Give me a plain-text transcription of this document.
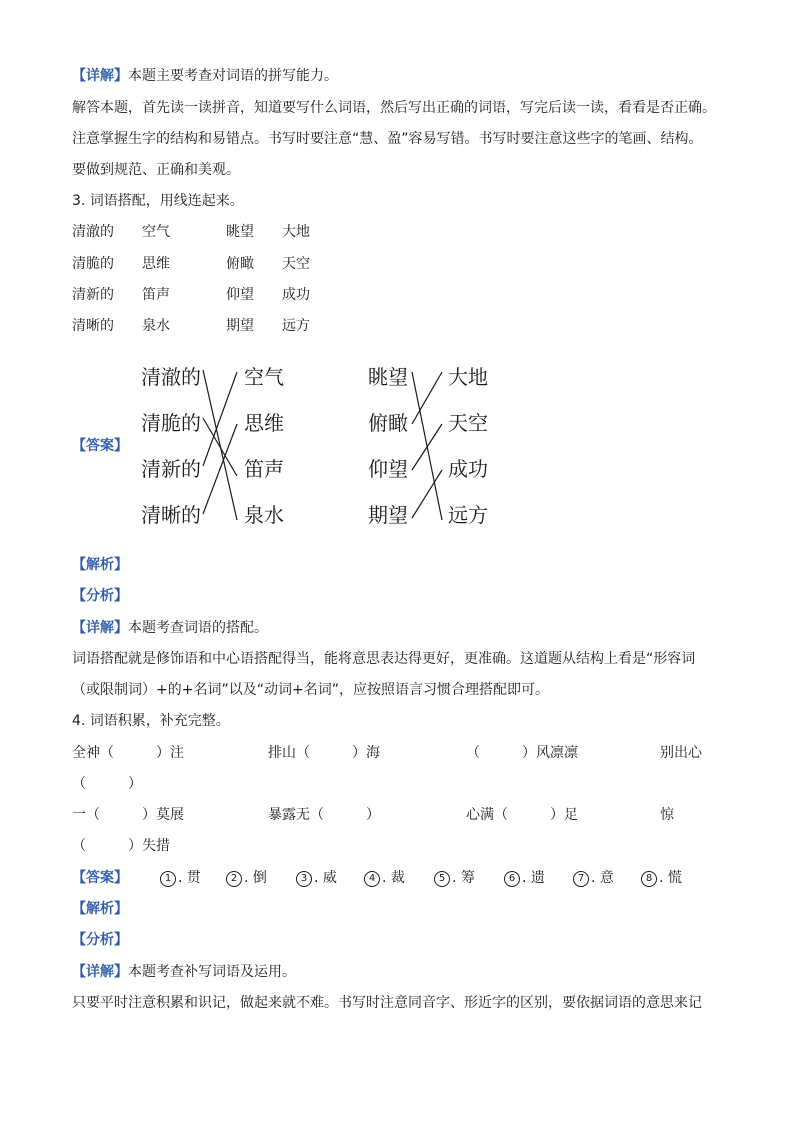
【详解】本题主要考查对词语的拼写能力。
解答本题，首先读一读拼音，知道要写什么词语，然后写出正确的词语，写完后读一读，看看是否正确。
注意掌握生字的结构和易错点。书写时要注意“慧、盈”容易写错。书写时要注意这些字的笔画、结构。
要做到规范、正确和美观。
3. 词语搭配，用线连起来。
清澈的 空气	眺望 大地
清脆的 思维	俯瞰 天空
清新的 笛声	仰望 成功
清晰的 泉水	期望 远方
【答案】
清澈的
清脆的
清新的
清晰的
空气
思维
笛声
泉水
眺望
俯瞰
仰望
期望
大地
天空
成功
远方
【解析】
【分析】
【详解】本题考查词语的搭配。
词语搭配就是修饰语和中心语搭配得当，能将意思表达得更好，更准确。这道题从结构上看是“形容词
（或限制词）+的+名词”以及“动词+名词”，应按照语言习惯合理搭配即可。
4. 词语积累，补充完整。
全神（　　　）注	排山（　　　）海	（　　　）风凛凛	别出心
（　　　）
一（　　　）莫展	暴露无（　　　）	心满（　　　）足	惊
（　　　）失措
【答案】	1 . 贯	2 . 倒	3 . 威	4 . 裁	5 . 筹	6 . 遗	7 . 意	8 . 慌
【解析】
【分析】
【详解】本题考查补写词语及运用。
只要平时注意积累和识记，做起来就不难。书写时注意同音字、形近字的区别，要依据词语的意思来记
